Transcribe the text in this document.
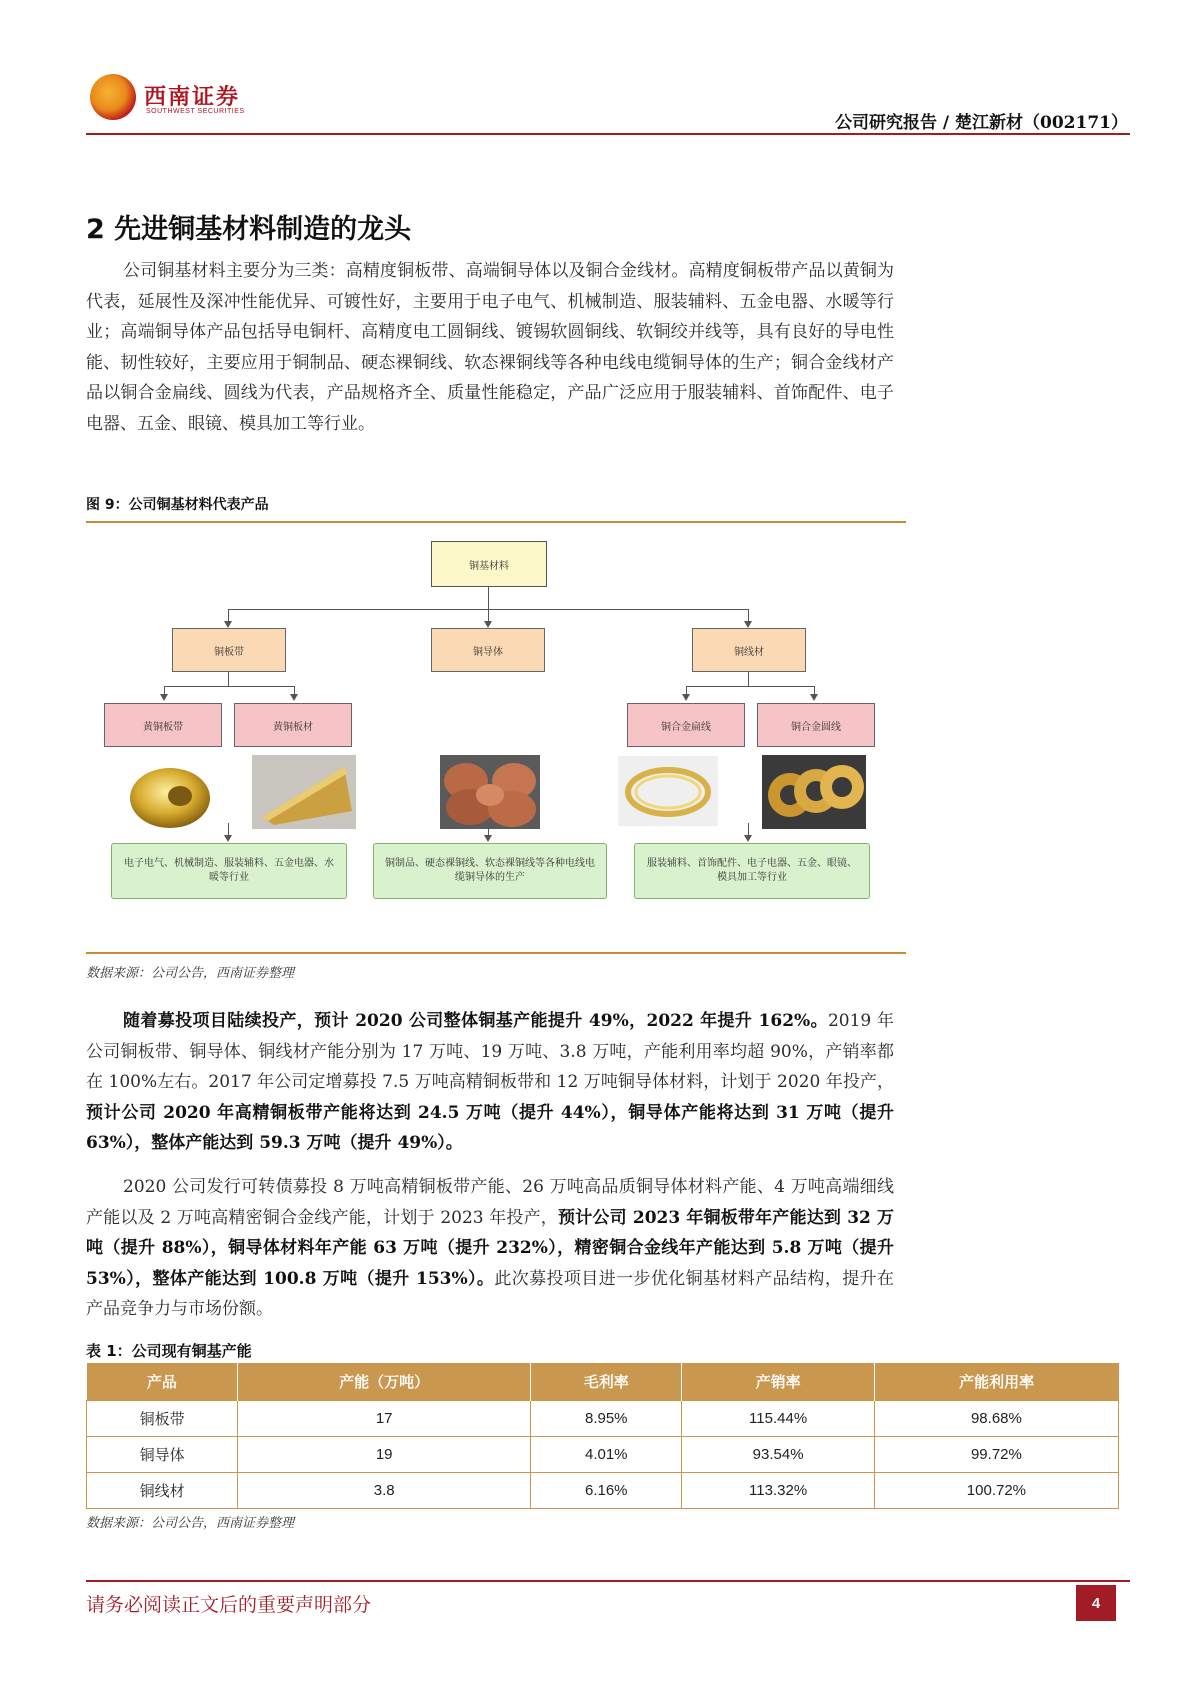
西南证券
SOUTHWEST SECURITIES
公司研究报告 / 楚江新材（002171）
2 先进铜基材料制造的龙头
公司铜基材料主要分为三类：高精度铜板带、高端铜导体以及铜合金线材。高精度铜板带产品以黄铜为代表，延展性及深冲性能优异、可镀性好，主要用于电子电气、机械制造、服装辅料、五金电器、水暖等行业；高端铜导体产品包括导电铜杆、高精度电工圆铜线、镀锡软圆铜线、软铜绞并线等，具有良好的导电性能、韧性较好，主要应用于铜制品、硬态裸铜线、软态裸铜线等各种电线电缆铜导体的生产；铜合金线材产品以铜合金扁线、圆线为代表，产品规格齐全、质量性能稳定，产品广泛应用于服装辅料、首饰配件、电子电器、五金、眼镜、模具加工等行业。
图 9：公司铜基材料代表产品
铜基材料
铜板带	铜导体	铜线材
黄铜板带	黄铜板材	铜合金扁线	铜合金圆线
电子电气、机械制造、服装辅料、五金电器、水暖等行业
铜制品、硬态裸铜线、软态裸铜线等各种电线电缆铜导体的生产
服装辅料、首饰配件、电子电器、五金、眼镜、模具加工等行业
数据来源：公司公告，西南证券整理
随着募投项目陆续投产，预计 2020 公司整体铜基产能提升 49%，2022 年提升 162%。2019 年公司铜板带、铜导体、铜线材产能分别为 17 万吨、19 万吨、3.8 万吨，产能利用率均超 90%，产销率都在 100%左右。2017 年公司定增募投 7.5 万吨高精铜板带和 12 万吨铜导体材料，计划于 2020 年投产，预计公司 2020 年高精铜板带产能将达到 24.5 万吨（提升 44%），铜导体产能将达到 31 万吨（提升 63%），整体产能达到 59.3 万吨（提升 49%）。
2020 公司发行可转债募投 8 万吨高精铜板带产能、26 万吨高品质铜导体材料产能、4 万吨高端细线产能以及 2 万吨高精密铜合金线产能，计划于 2023 年投产，预计公司 2023 年铜板带年产能达到 32 万吨（提升 88%），铜导体材料年产能 63 万吨（提升 232%），精密铜合金线年产能达到 5.8 万吨（提升 53%），整体产能达到 100.8 万吨（提升 153%）。此次募投项目进一步优化铜基材料产品结构，提升在产品竞争力与市场份额。
表 1：公司现有铜基产能
产品	产能（万吨）	毛利率	产销率	产能利用率
铜板带	17	8.95%	115.44%	98.68%
铜导体	19	4.01%	93.54%	99.72%
铜线材	3.8	6.16%	113.32%	100.72%
数据来源：公司公告，西南证券整理
请务必阅读正文后的重要声明部分	4
